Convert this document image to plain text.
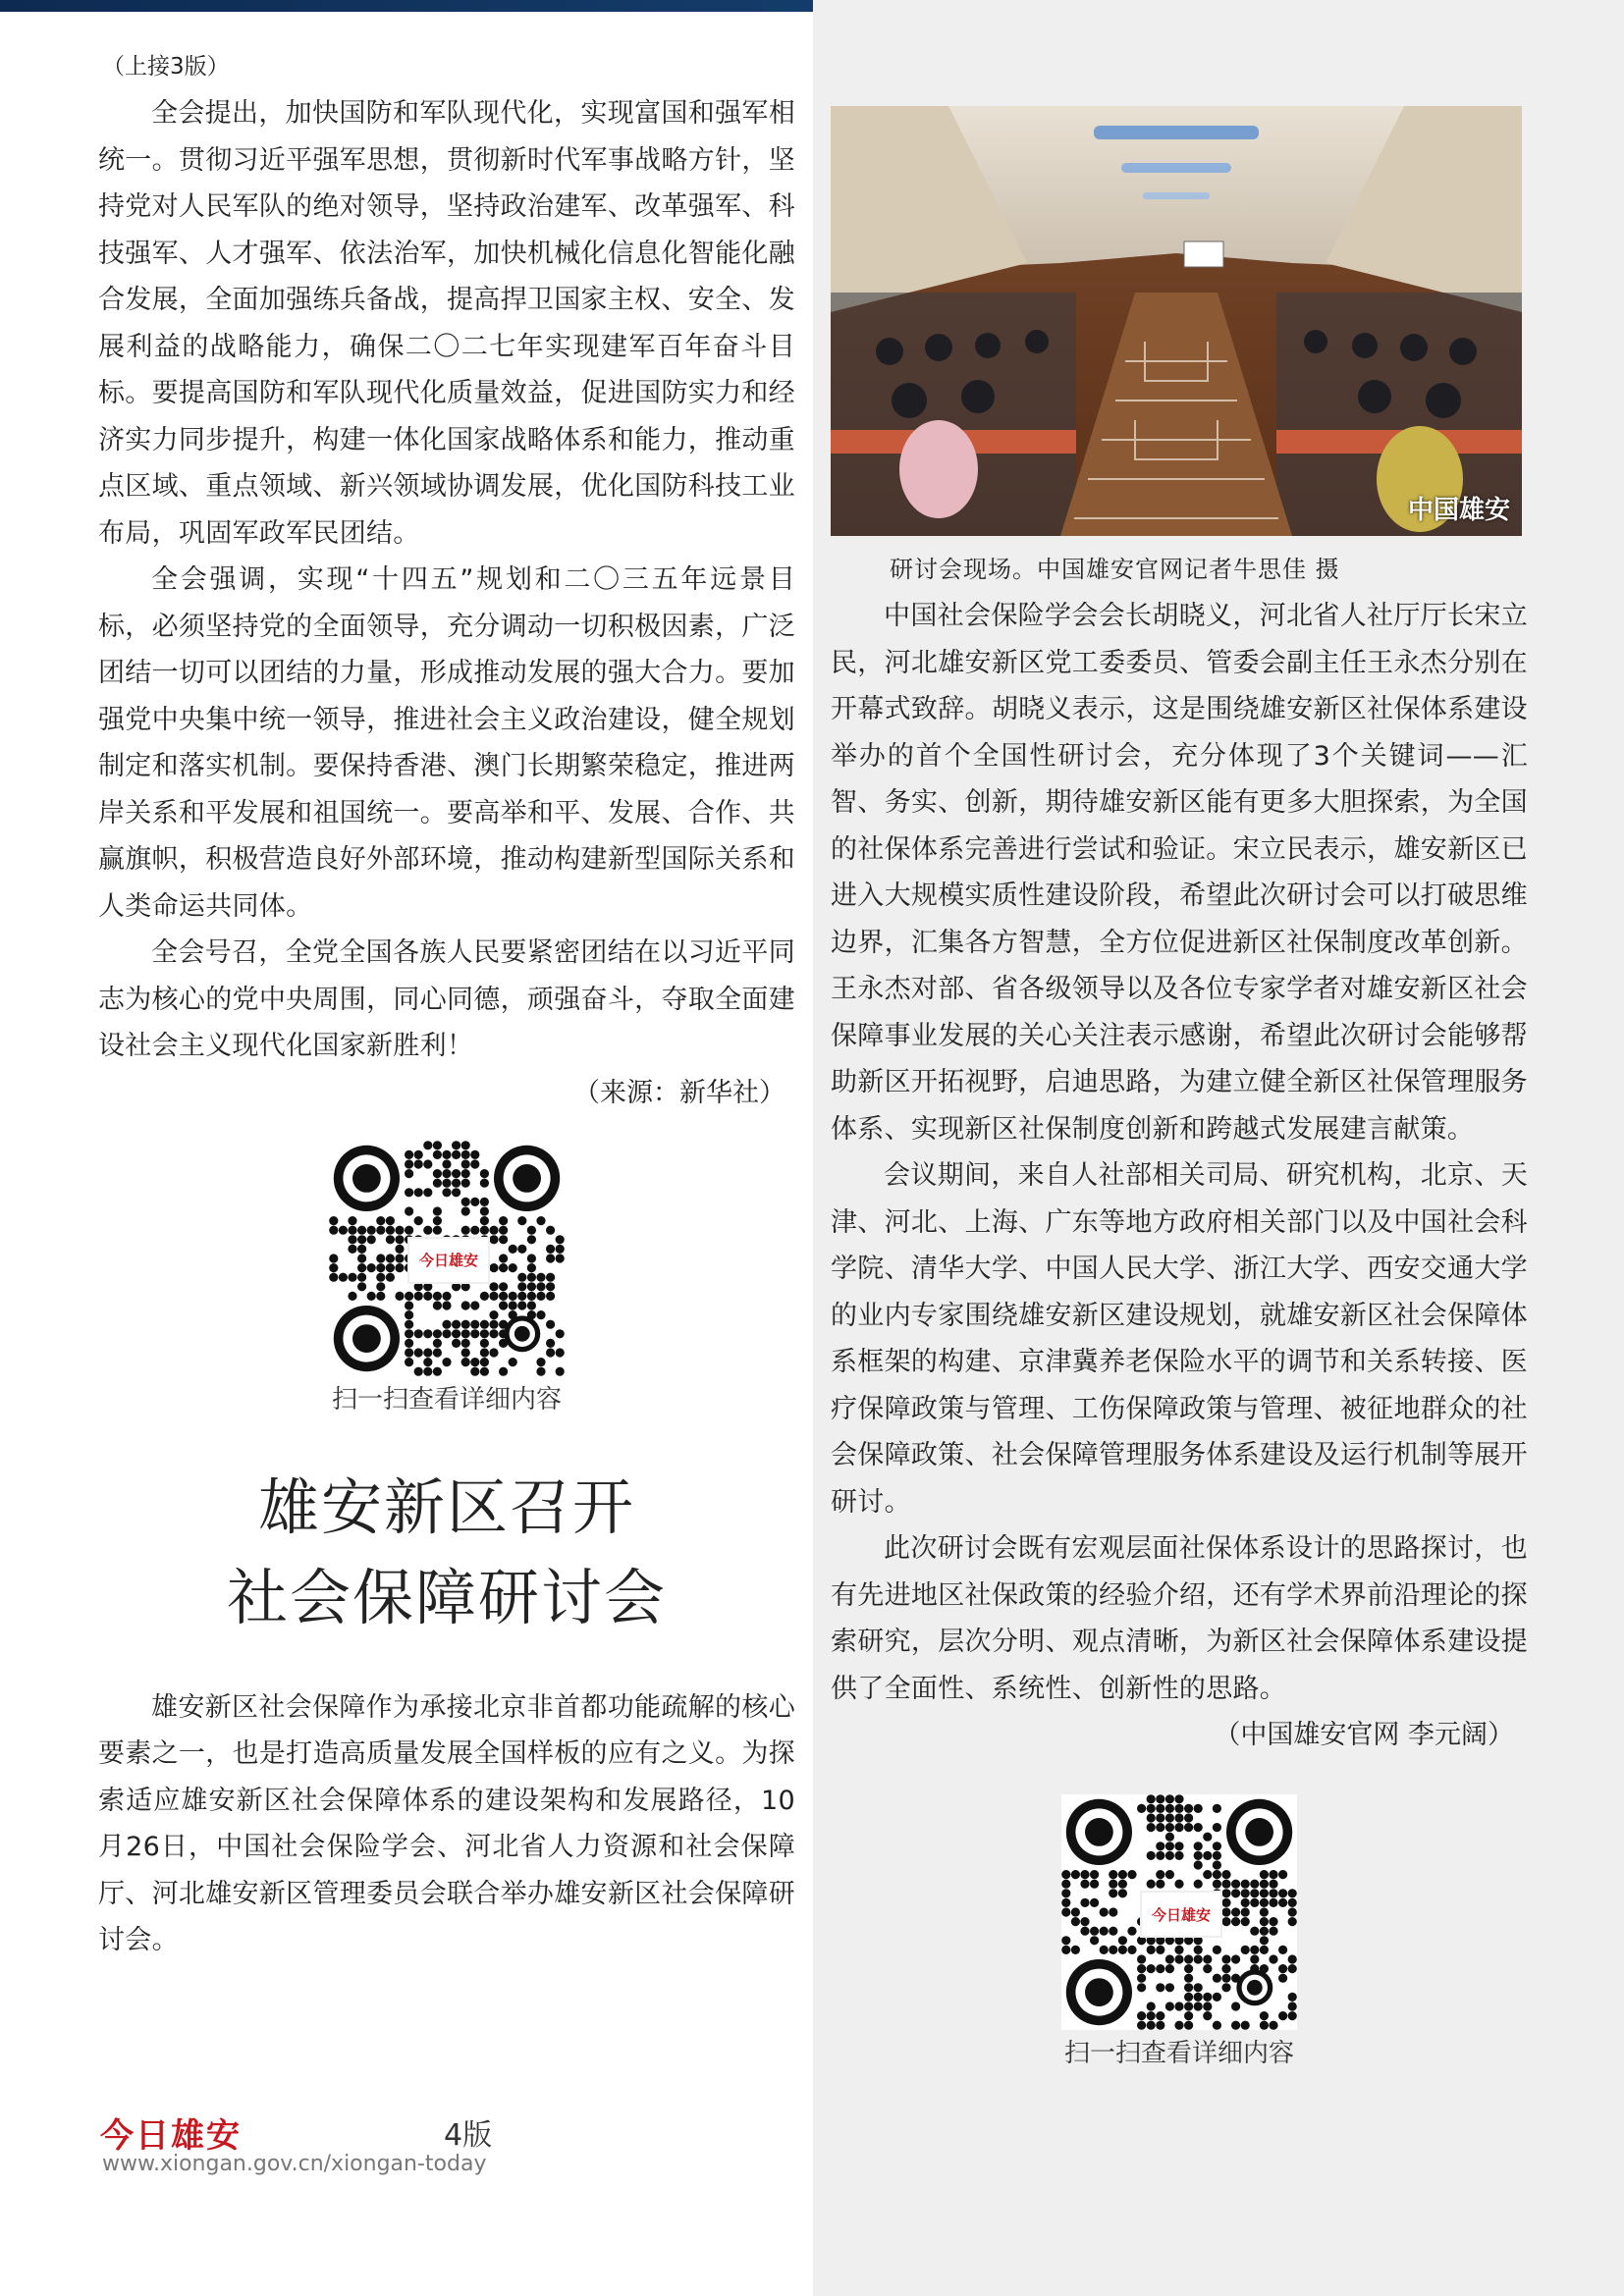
（上接3版）

全会提出，加快国防和军队现代化，实现富国和强军相统一。贯彻习近平强军思想，贯彻新时代军事战略方针，坚持党对人民军队的绝对领导，坚持政治建军、改革强军、科技强军、人才强军、依法治军，加快机械化信息化智能化融合发展，全面加强练兵备战，提高捍卫国家主权、安全、发展利益的战略能力，确保二〇二七年实现建军百年奋斗目标。要提高国防和军队现代化质量效益，促进国防实力和经济实力同步提升，构建一体化国家战略体系和能力，推动重点区域、重点领域、新兴领域协调发展，优化国防科技工业布局，巩固军政军民团结。

全会强调，实现“十四五”规划和二〇三五年远景目标，必须坚持党的全面领导，充分调动一切积极因素，广泛团结一切可以团结的力量，形成推动发展的强大合力。要加强党中央集中统一领导，推进社会主义政治建设，健全规划制定和落实机制。要保持香港、澳门长期繁荣稳定，推进两岸关系和平发展和祖国统一。要高举和平、发展、合作、共赢旗帜，积极营造良好外部环境，推动构建新型国际关系和人类命运共同体。

全会号召，全党全国各族人民要紧密团结在以习近平同志为核心的党中央周围，同心同德，顽强奋斗，夺取全面建设社会主义现代化国家新胜利！

（来源：新华社）

今日雄安
扫一扫查看详细内容

雄安新区召开

社会保障研讨会

雄安新区社会保障作为承接北京非首都功能疏解的核心要素之一，也是打造高质量发展全国样板的应有之义。为探索适应雄安新区社会保障体系的建设架构和发展路径，10月26日，中国社会保险学会、河北省人力资源和社会保障厅、河北雄安新区管理委员会联合举办雄安新区社会保障研讨会。

中国雄安
研讨会现场。中国雄安官网记者牛思佳 摄

中国社会保险学会会长胡晓义，河北省人社厅厅长宋立民，河北雄安新区党工委委员、管委会副主任王永杰分别在开幕式致辞。胡晓义表示，这是围绕雄安新区社保体系建设举办的首个全国性研讨会，充分体现了3个关键词——汇智、务实、创新，期待雄安新区能有更多大胆探索，为全国的社保体系完善进行尝试和验证。宋立民表示，雄安新区已进入大规模实质性建设阶段，希望此次研讨会可以打破思维边界，汇集各方智慧，全方位促进新区社保制度改革创新。王永杰对部、省各级领导以及各位专家学者对雄安新区社会保障事业发展的关心关注表示感谢，希望此次研讨会能够帮助新区开拓视野，启迪思路，为建立健全新区社保管理服务体系、实现新区社保制度创新和跨越式发展建言献策。

会议期间，来自人社部相关司局、研究机构，北京、天津、河北、上海、广东等地方政府相关部门以及中国社会科学院、清华大学、中国人民大学、浙江大学、西安交通大学的业内专家围绕雄安新区建设规划，就雄安新区社会保障体系框架的构建、京津冀养老保险水平的调节和关系转接、医疗保障政策与管理、工伤保障政策与管理、被征地群众的社会保障政策、社会保障管理服务体系建设及运行机制等展开研讨。

此次研讨会既有宏观层面社保体系设计的思路探讨，也有先进地区社保政策的经验介绍，还有学术界前沿理论的探索研究，层次分明、观点清晰，为新区社会保障体系建设提供了全面性、系统性、创新性的思路。

（中国雄安官网 李元阔）

今日雄安
扫一扫查看详细内容
今日雄安	4版
www.xiongan.gov.cn/xiongan-today
